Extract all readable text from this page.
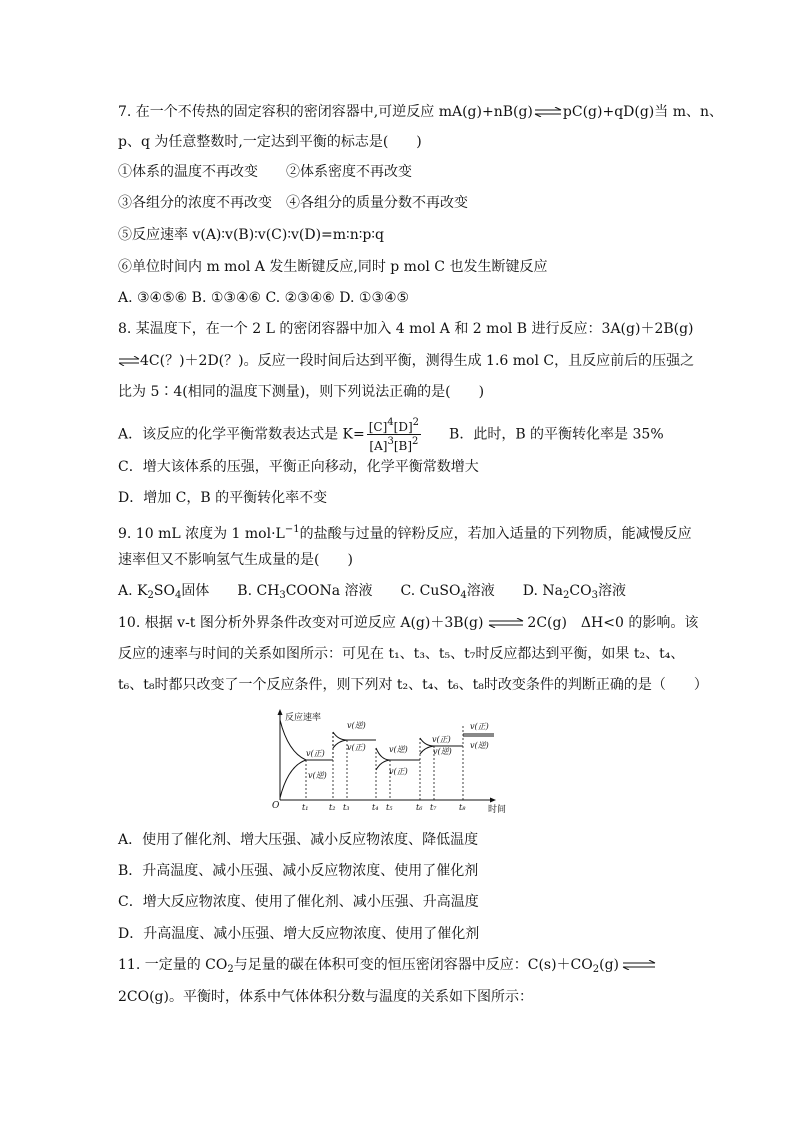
7. 在一个不传热的固定容积的密闭容器中,可逆反应 mA(g)+nB(g)⇌pC(g)+qD(g)当 m、n、
p、q 为任意整数时,一定达到平衡的标志是(　　)
①体系的温度不再改变　　②体系密度不再改变
③各组分的浓度不再改变　④各组分的质量分数不再改变
⑤反应速率 v(A)∶v(B)∶v(C)∶v(D)=m∶n∶p∶q
⑥单位时间内 m mol A 发生断键反应,同时 p mol C 也发生断键反应
A. ③④⑤⑥ B. ①③④⑥ C. ②③④⑥ D. ①③④⑤
8. 某温度下，在一个 2 L 的密闭容器中加入 4 mol A 和 2 mol B 进行反应：3A(g)＋2B(g)
⇌4C(？)＋2D(？)。反应一段时间后达到平衡，测得生成 1.6 mol C，且反应前后的压强之
比为 5∶4(相同的温度下测量)，则下列说法正确的是(　　)
A．该反应的化学平衡常数表达式是 $K= \frac{[C]^4[D]^2}{[A]^3[B]^2}$ B．此时，B 的平衡转化率是 35%
C．增大该体系的压强，平衡正向移动，化学平衡常数增大
D．增加 C，B 的平衡转化率不变
9. 10 mL 浓度为 1 $mol\cdot L^{-1}$的盐酸与过量的锌粉反应，若加入适量的下列物质，能减慢反应
速率但又不影响氢气生成量的是(　　)
A. $K_2SO_4$固体　　B. $CH_3COONa$ 溶液　　C. CuSO$_4$溶液　　D. $Na_2CO_3$溶液
10. 根据 v-t 图分析外界条件改变对可逆反应 A(g)＋3B(g)⇌2C(g)　ΔH<0 的影响。该
反应的速率与时间的关系如图所示：可见在 t₁、t₃、t₅、t₇时反应都达到平衡，如果 t₂、t₄、
t₆、t₈时都只改变了一个反应条件，则下列对 t₂、t₄、t₆、t₈时改变条件的判断正确的是（　　）
反应速率
时间
O
v(正)
v(逆)
v(逆)
v(正)	v(逆)
v(正)
v(正)
v(逆)
v(正)
v(逆)
t₁	t₂ t₃	t₄ t₅	t₆ t₇	t₈
A．使用了催化剂、增大压强、减小反应物浓度、降低温度
B．升高温度、减小压强、减小反应物浓度、使用了催化剂
C．增大反应物浓度、使用了催化剂、减小压强、升高温度
D．升高温度、减小压强、增大反应物浓度、使用了催化剂
11. 一定量的 $CO_2$与足量的碳在体积可变的恒压密闭容器中反应：$C(s)+CO_2(g)\rightleftharpoons$
2CO(g)。平衡时，体系中气体体积分数与温度的关系如下图所示：
